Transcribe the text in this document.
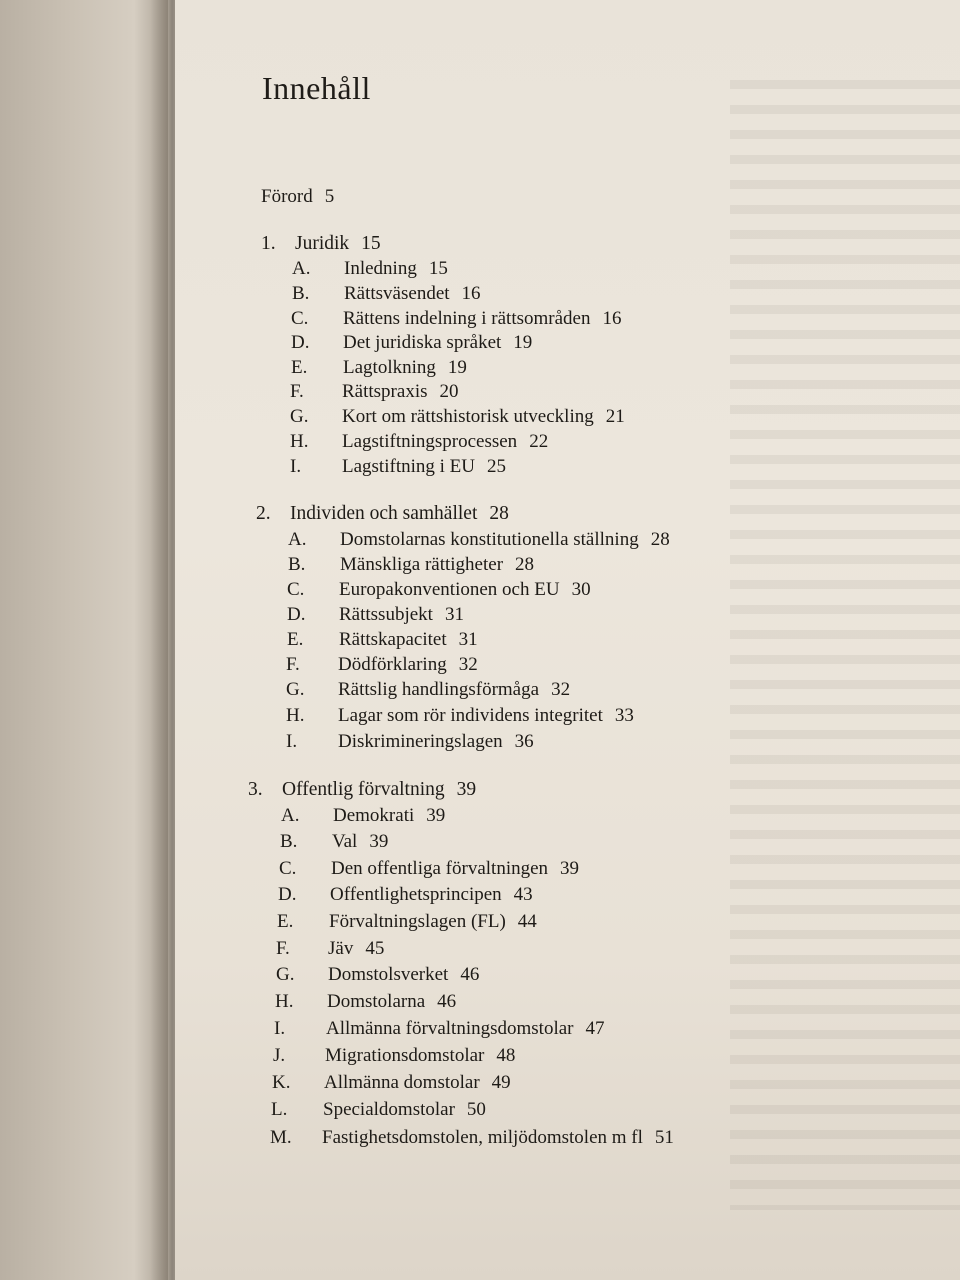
Innehåll
Förord 5
1. Juridik 15
A. Inledning 15
B. Rättsväsendet 16
C. Rättens indelning i rättsområden 16
D. Det juridiska språket 19
E. Lagtolkning 19
F. Rättspraxis 20
G. Kort om rättshistorisk utveckling 21
H. Lagstiftningsprocessen 22
I. Lagstiftning i EU 25
2. Individen och samhället 28
A. Domstolarnas konstitutionella ställning 28
B. Mänskliga rättigheter 28
C. Europakonventionen och EU 30
D. Rättssubjekt 31
E. Rättskapacitet 31
F. Dödförklaring 32
G. Rättslig handlingsförmåga 32
H. Lagar som rör individens integritet 33
I. Diskrimineringslagen 36
3. Offentlig förvaltning 39
A. Demokrati 39
B. Val 39
C. Den offentliga förvaltningen 39
D. Offentlighetsprincipen 43
E. Förvaltningslagen (FL) 44
F. Jäv 45
G. Domstolsverket 46
H. Domstolarna 46
I. Allmänna förvaltningsdomstolar 47
J. Migrationsdomstolar 48
K. Allmänna domstolar 49
L. Specialdomstolar 50
M. Fastighetsdomstolen, miljödomstolen m fl 51
